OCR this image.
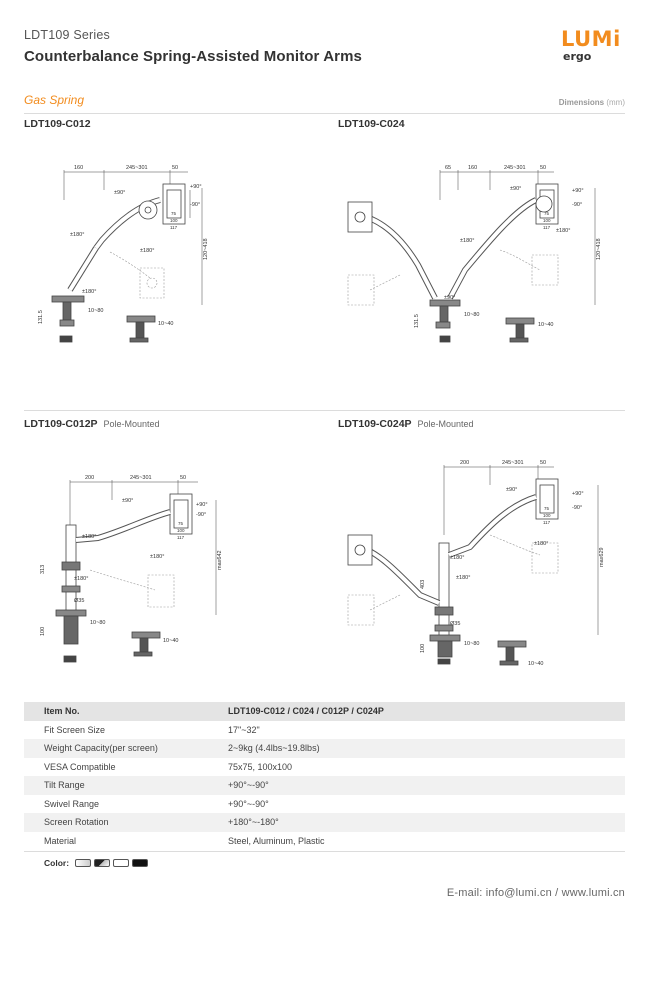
LDT109 Series
Counterbalance Spring-Assisted Monitor Arms
LUMi
ergo
Gas Spring	Dimensions (mm)
LDT109-C012	LDT109-C024
LDT109-C012P Pole-Mounted	LDT109-C024P Pole-Mounted
160	245~301	50
120~418
±90°
+90°
-90°
±180°
±180°
±180°
10~80
10~40
131.5
75
100
117
65	160	245~301	50
120~418
±90°	+90°
-90°
±180°
±180°
±90°
10~80
10~40
131.5
75
100
117
200	245~301	50
max642
±90°
+90°
-90°
±180°
±180°
±180°
Ø35
10~80
10~40
313
100
75
100
117
200	245~301	50
max629
±90°
+90°
-90°
±180°
±180°
±180°
Ø35
10~80
10~40
403
100
75
100
117
Item No.	LDT109-C012 / C024 / C012P / C024P
Fit Screen Size	17"~32"
Weight Capacity(per screen)	2~9kg (4.4lbs~19.8lbs)
VESA Compatible	75x75, 100x100
Tilt Range	+90°~-90°
Swivel Range	+90°~-90°
Screen Rotation	+180°~-180°
Material	Steel, Aluminum, Plastic
Color:
E-mail: info@lumi.cn / www.lumi.cn
